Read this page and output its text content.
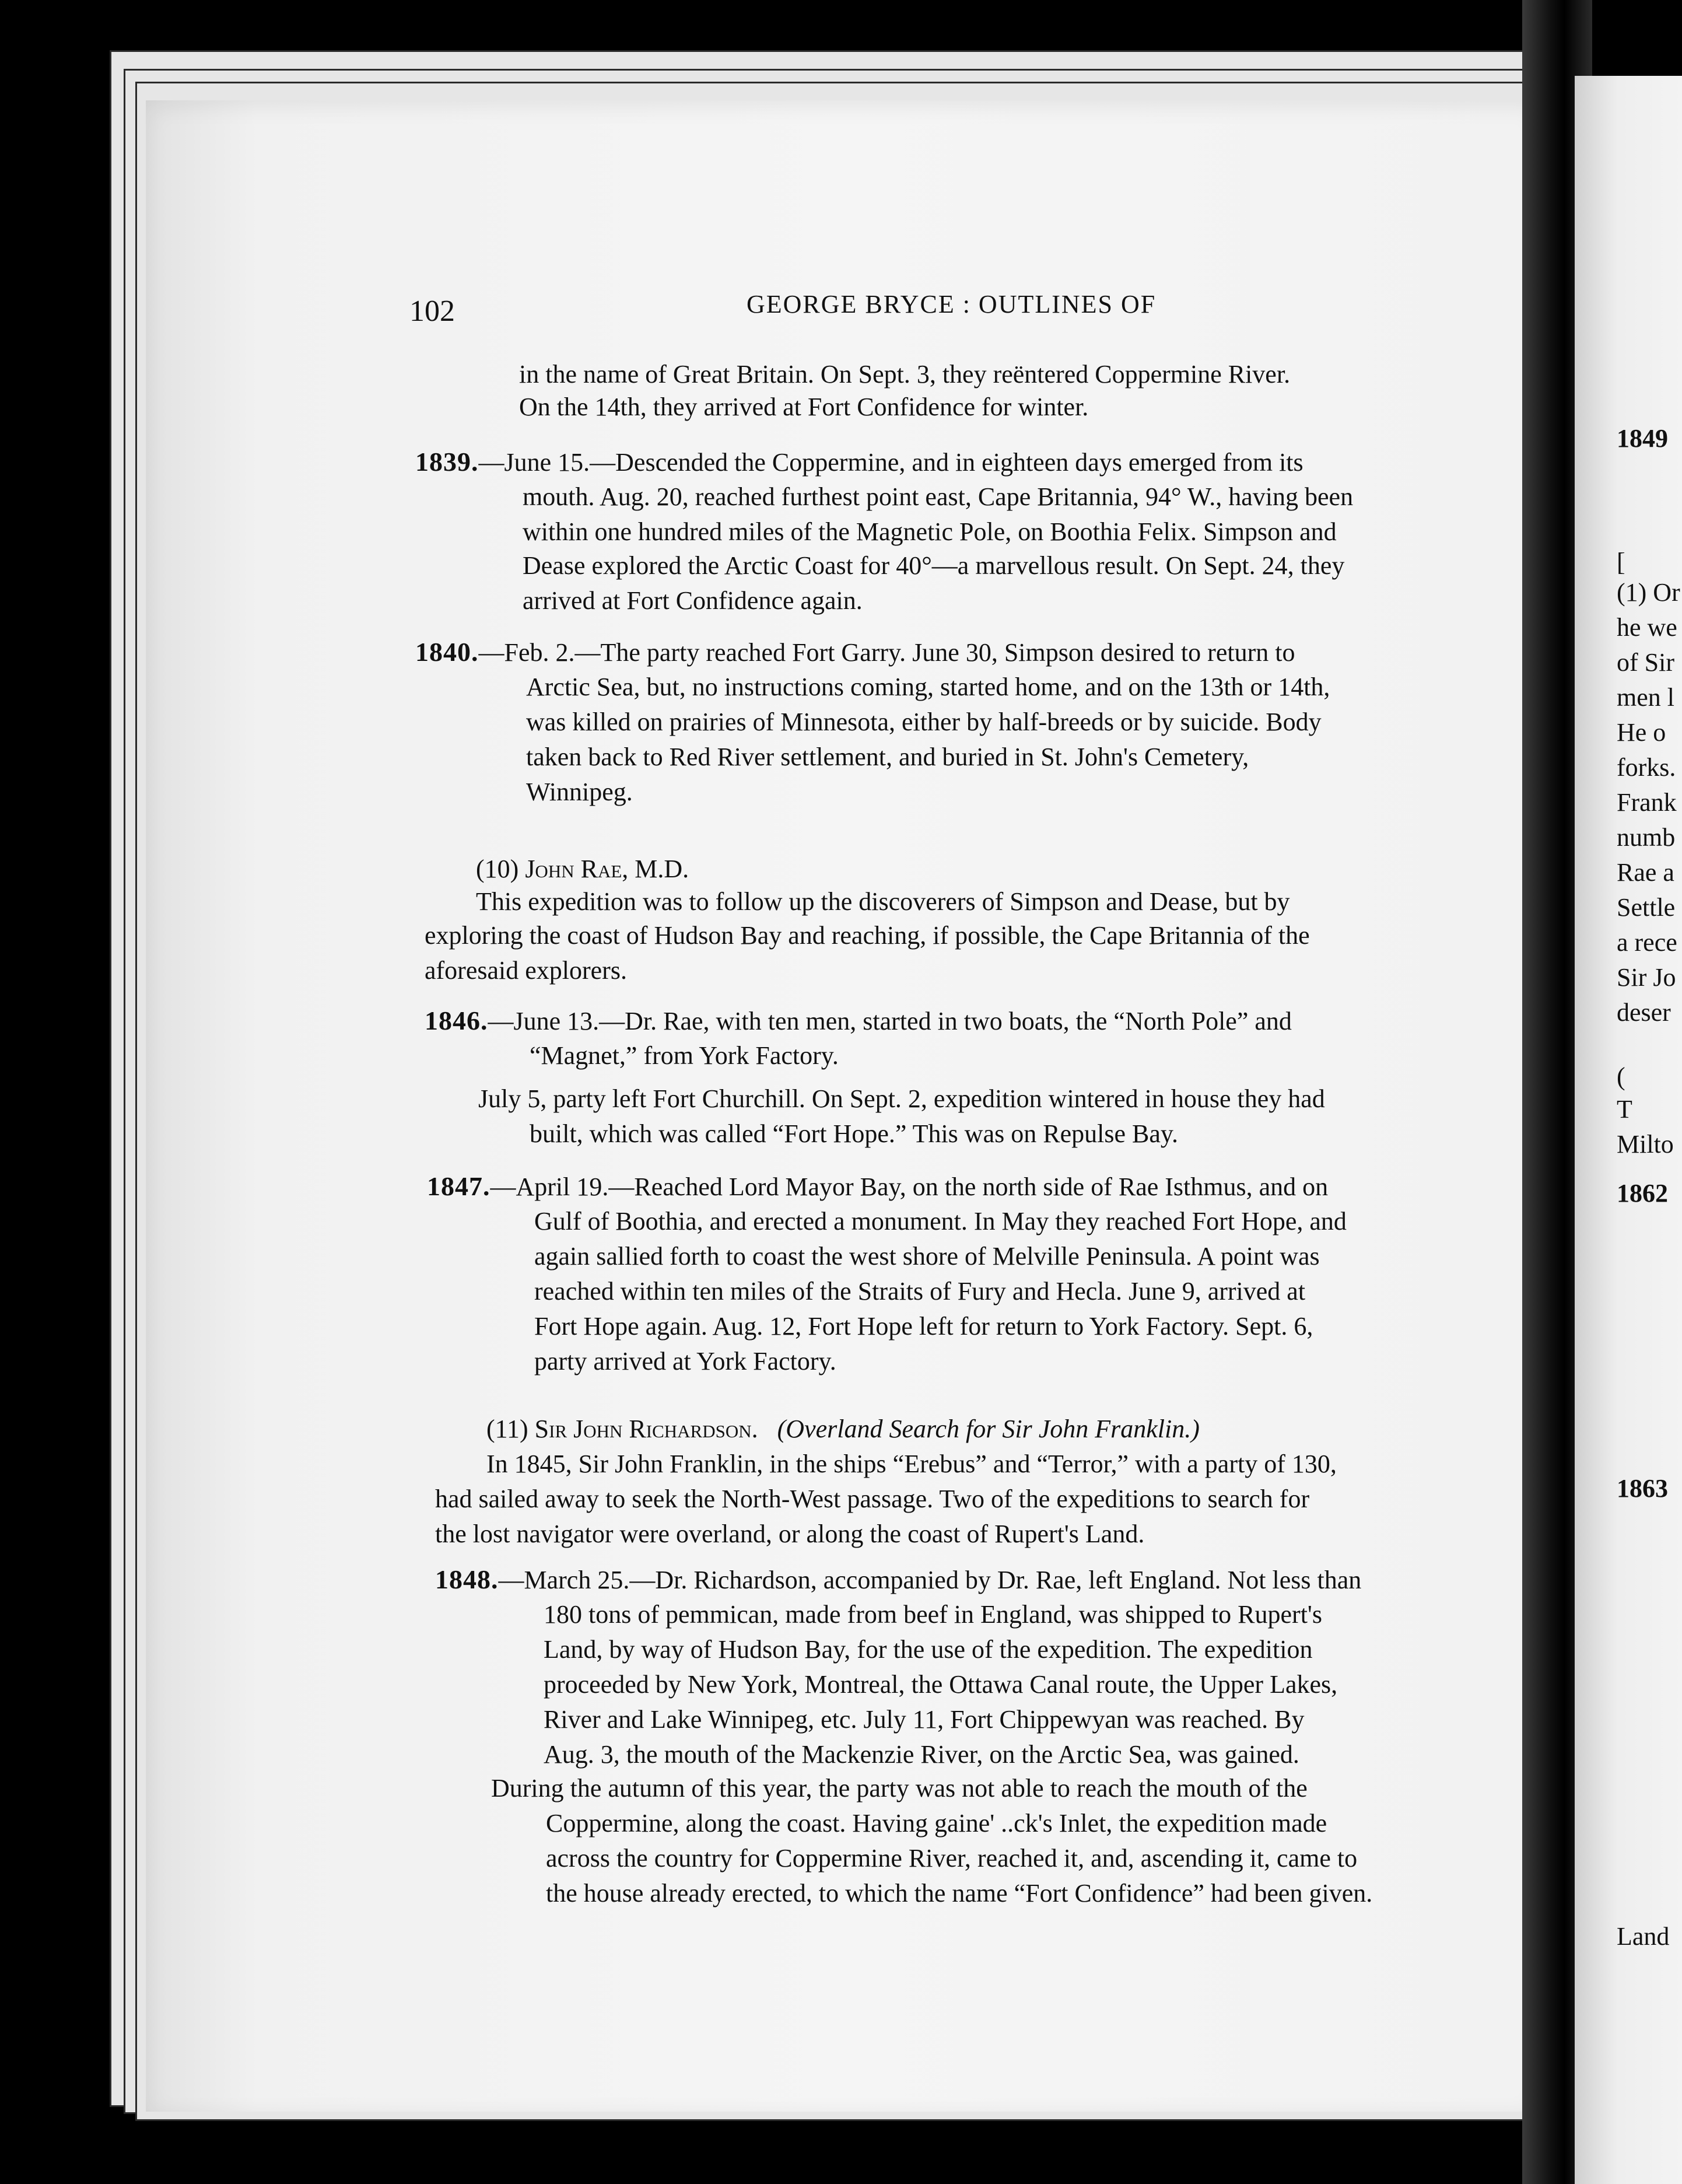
1849
[
(1) Or
he we
of Sir
men l
He o
forks.
Frank
numb
Rae a
Settle
a rece
Sir Jo
deser
(
T
Milto
1862
1863
Land
102	GEORGE BRYCE : OUTLINES OF
in the name of Great Britain. On Sept. 3, they reëntered Coppermine River.
On the 14th, they arrived at Fort Confidence for winter.
1839.—June 15.—Descended the Coppermine, and in eighteen days emerged from its
mouth. Aug. 20, reached furthest point east, Cape Britannia, 94° W., having been
within one hundred miles of the Magnetic Pole, on Boothia Felix. Simpson and
Dease explored the Arctic Coast for 40°—a marvellous result. On Sept. 24, they
arrived at Fort Confidence again.
1840.—Feb. 2.—The party reached Fort Garry. June 30, Simpson desired to return to
Arctic Sea, but, no instructions coming, started home, and on the 13th or 14th,
was killed on prairies of Minnesota, either by half-breeds or by suicide. Body
taken back to Red River settlement, and buried in St. John's Cemetery,
Winnipeg.
(10) John Rae, M.D.
This expedition was to follow up the discoverers of Simpson and Dease, but by
exploring the coast of Hudson Bay and reaching, if possible, the Cape Britannia of the
aforesaid explorers.
1846.—June 13.—Dr. Rae, with ten men, started in two boats, the “North Pole” and
“Magnet,” from York Factory.
July 5, party left Fort Churchill. On Sept. 2, expedition wintered in house they had
built, which was called “Fort Hope.” This was on Repulse Bay.
1847.—April 19.—Reached Lord Mayor Bay, on the north side of Rae Isthmus, and on
Gulf of Boothia, and erected a monument. In May they reached Fort Hope, and
again sallied forth to coast the west shore of Melville Peninsula. A point was
reached within ten miles of the Straits of Fury and Hecla. June 9, arrived at
Fort Hope again. Aug. 12, Fort Hope left for return to York Factory. Sept. 6,
party arrived at York Factory.
(11) Sir John Richardson. (Overland Search for Sir John Franklin.)
In 1845, Sir John Franklin, in the ships “Erebus” and “Terror,” with a party of 130,
had sailed away to seek the North-West passage. Two of the expeditions to search for
the lost navigator were overland, or along the coast of Rupert's Land.
1848.—March 25.—Dr. Richardson, accompanied by Dr. Rae, left England. Not less than
180 tons of pemmican, made from beef in England, was shipped to Rupert's
Land, by way of Hudson Bay, for the use of the expedition. The expedition
proceeded by New York, Montreal, the Ottawa Canal route, the Upper Lakes,
River and Lake Winnipeg, etc. July 11, Fort Chippewyan was reached. By
Aug. 3, the mouth of the Mackenzie River, on the Arctic Sea, was gained.
During the autumn of this year, the party was not able to reach the mouth of the
Coppermine, along the coast. Having gaine' ..ck's Inlet, the expedition made
across the country for Coppermine River, reached it, and, ascending it, came to
the house already erected, to which the name “Fort Confidence” had been given.
